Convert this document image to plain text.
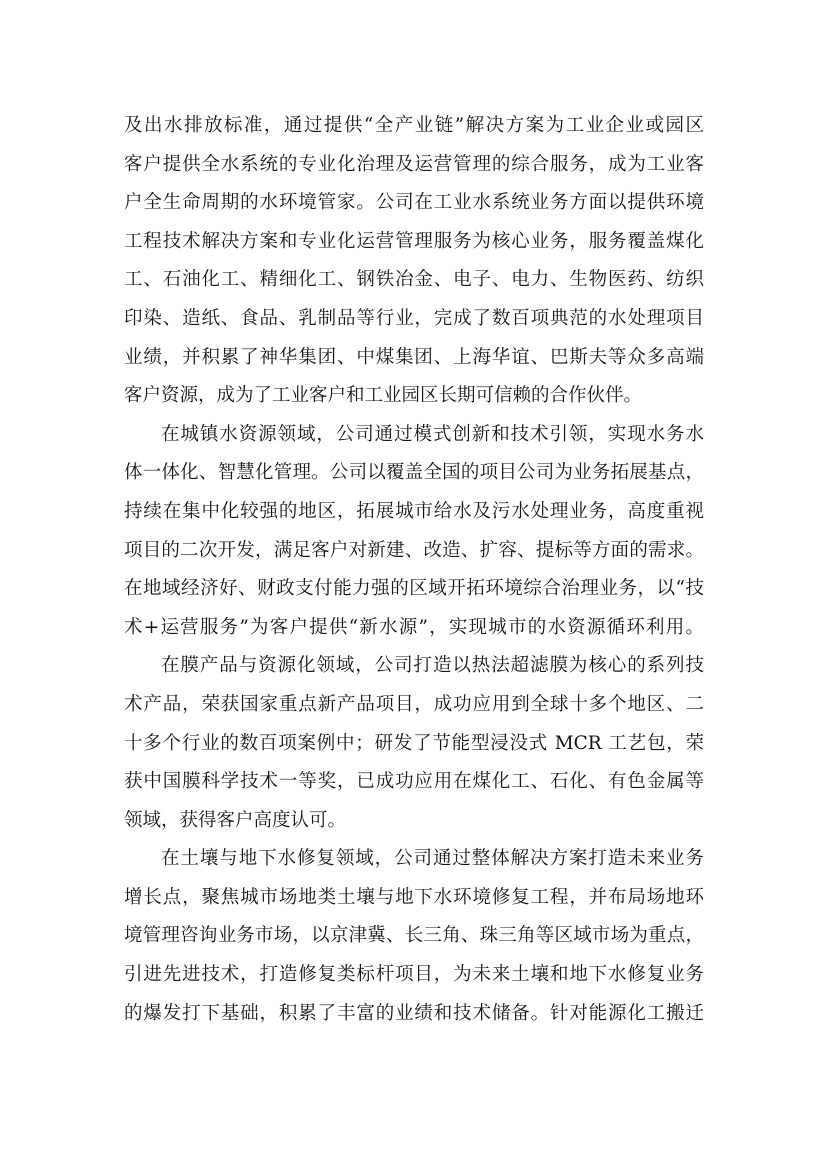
及出水排放标准，通过提供“全产业链”解决方案为工业企业或园区
客户提供全水系统的专业化治理及运营管理的综合服务，成为工业客
户全生命周期的水环境管家。公司在工业水系统业务方面以提供环境
工程技术解决方案和专业化运营管理服务为核心业务，服务覆盖煤化
工、石油化工、精细化工、钢铁冶金、电子、电力、生物医药、纺织
印染、造纸、食品、乳制品等行业，完成了数百项典范的水处理项目
业绩，并积累了神华集团、中煤集团、上海华谊、巴斯夫等众多高端
客户资源，成为了工业客户和工业园区长期可信赖的合作伙伴。
在城镇水资源领域，公司通过模式创新和技术引领，实现水务水
体一体化、智慧化管理。公司以覆盖全国的项目公司为业务拓展基点，
持续在集中化较强的地区，拓展城市给水及污水处理业务，高度重视
项目的二次开发，满足客户对新建、改造、扩容、提标等方面的需求。
在地域经济好、财政支付能力强的区域开拓环境综合治理业务，以“技
术+运营服务”为客户提供“新水源”，实现城市的水资源循环利用。
在膜产品与资源化领域，公司打造以热法超滤膜为核心的系列技
术产品，荣获国家重点新产品项目，成功应用到全球十多个地区、二
十多个行业的数百项案例中；研发了节能型浸没式 MCR 工艺包，荣
获中国膜科学技术一等奖，已成功应用在煤化工、石化、有色金属等
领域，获得客户高度认可。
在土壤与地下水修复领域，公司通过整体解决方案打造未来业务
增长点，聚焦城市场地类土壤与地下水环境修复工程，并布局场地环
境管理咨询业务市场，以京津冀、长三角、珠三角等区域市场为重点，
引进先进技术，打造修复类标杆项目，为未来土壤和地下水修复业务
的爆发打下基础，积累了丰富的业绩和技术储备。针对能源化工搬迁
